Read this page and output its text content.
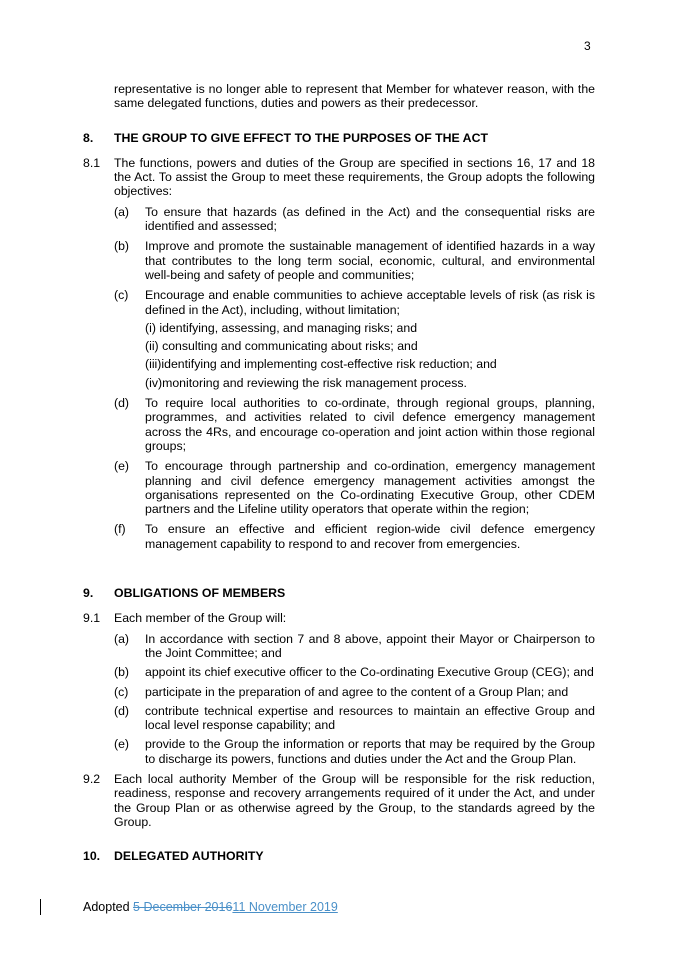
3
representative is no longer able to represent that Member for whatever reason, with the same delegated functions, duties and powers as their predecessor.
8. THE GROUP TO GIVE EFFECT TO THE PURPOSES OF THE ACT
8.1 The functions, powers and duties of the Group are specified in sections 16, 17 and 18 the Act. To assist the Group to meet these requirements, the Group adopts the following objectives:
(a) To ensure that hazards (as defined in the Act) and the consequential risks are identified and assessed;
(b) Improve and promote the sustainable management of identified hazards in a way that contributes to the long term social, economic, cultural, and environmental well-being and safety of people and communities;
(c) Encourage and enable communities to achieve acceptable levels of risk (as risk is defined in the Act), including, without limitation;
(i) identifying, assessing, and managing risks; and
(ii) consulting and communicating about risks; and
(iii)identifying and implementing cost-effective risk reduction; and
(iv)monitoring and reviewing the risk management process.
(d) To require local authorities to co-ordinate, through regional groups, planning, programmes, and activities related to civil defence emergency management across the 4Rs, and encourage co-operation and joint action within those regional groups;
(e) To encourage through partnership and co-ordination, emergency management planning and civil defence emergency management activities amongst the organisations represented on the Co-ordinating Executive Group, other CDEM partners and the Lifeline utility operators that operate within the region;
(f) To ensure an effective and efficient region-wide civil defence emergency management capability to respond to and recover from emergencies.
9. OBLIGATIONS OF MEMBERS
9.1 Each member of the Group will:
(a) In accordance with section 7 and 8 above, appoint their Mayor or Chairperson to the Joint Committee; and
(b) appoint its chief executive officer to the Co-ordinating Executive Group (CEG); and
(c) participate in the preparation of and agree to the content of a Group Plan; and
(d) contribute technical expertise and resources to maintain an effective Group and local level response capability; and
(e) provide to the Group the information or reports that may be required by the Group to discharge its powers, functions and duties under the Act and the Group Plan.
9.2 Each local authority Member of the Group will be responsible for the risk reduction, readiness, response and recovery arrangements required of it under the Act, and under the Group Plan or as otherwise agreed by the Group, to the standards agreed by the Group.
10. DELEGATED AUTHORITY
Adopted 5 December 201611 November 2019
